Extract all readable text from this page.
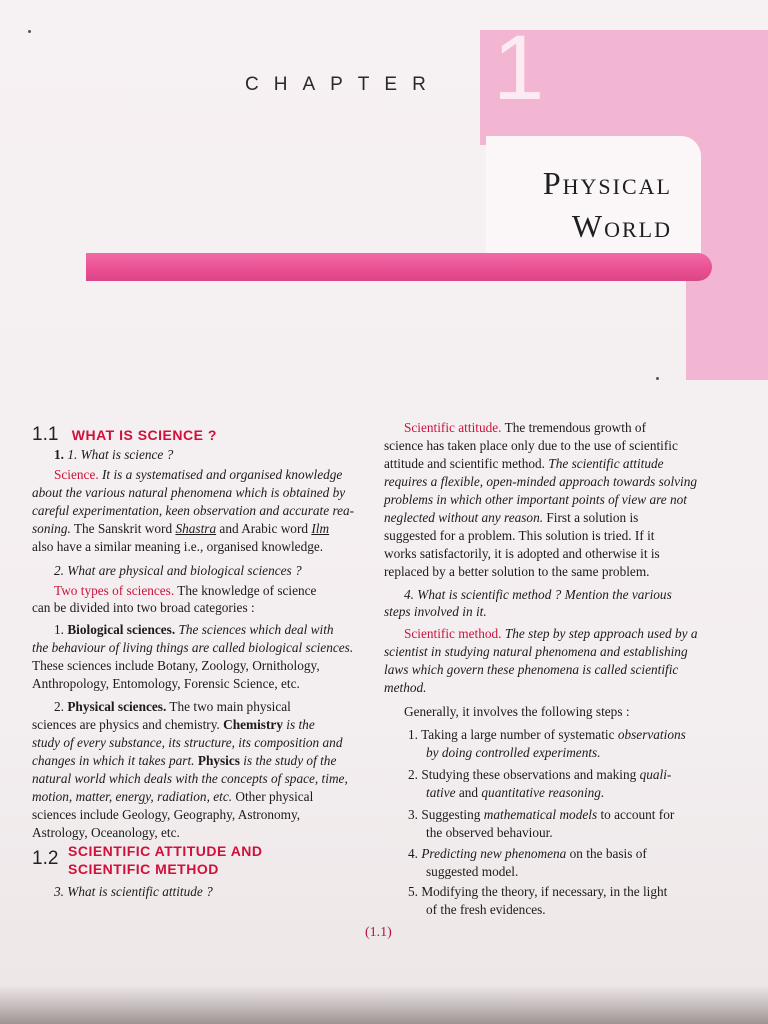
1
CHAPTER
Physical
World
1.1 WHAT IS SCIENCE ?
1. 1. What is science ?
Science. It is a systematised and organised knowledge
about the various natural phenomena which is obtained by
careful experimentation, keen observation and accurate rea-
soning. The Sanskrit word Shastra and Arabic word Ilm
also have a similar meaning i.e., organised knowledge.
2. What are physical and biological sciences ?
Two types of sciences. The knowledge of science
can be divided into two broad categories :
1. Biological sciences. The sciences which deal with
the behaviour of living things are called biological sciences.
These sciences include Botany, Zoology, Ornithology,
Anthropology, Entomology, Forensic Science, etc.
2. Physical sciences. The two main physical
sciences are physics and chemistry. Chemistry is the
study of every substance, its structure, its composition and
changes in which it takes part. Physics is the study of the
natural world which deals with the concepts of space, time,
motion, matter, energy, radiation, etc. Other physical
sciences include Geology, Geography, Astronomy,
Astrology, Oceanology, etc.
1.2 SCIENTIFIC ATTITUDE AND
SCIENTIFIC METHOD
3. What is scientific attitude ?
Scientific attitude. The tremendous growth of
science has taken place only due to the use of scientific
attitude and scientific method. The scientific attitude
requires a flexible, open-minded approach towards solving
problems in which other important points of view are not
neglected without any reason. First a solution is
suggested for a problem. This solution is tried. If it
works satisfactorily, it is adopted and otherwise it is
replaced by a better solution to the same problem.
4. What is scientific method ? Mention the various
steps involved in it.
Scientific method. The step by step approach used by a
scientist in studying natural phenomena and establishing
laws which govern these phenomena is called scientific
method.
Generally, it involves the following steps :
1. Taking a large number of systematic observations
by doing controlled experiments.
2. Studying these observations and making quali-
tative and quantitative reasoning.
3. Suggesting mathematical models to account for
the observed behaviour.
4. Predicting new phenomena on the basis of
suggested model.
5. Modifying the theory, if necessary, in the light
of the fresh evidences.
(1.1)
